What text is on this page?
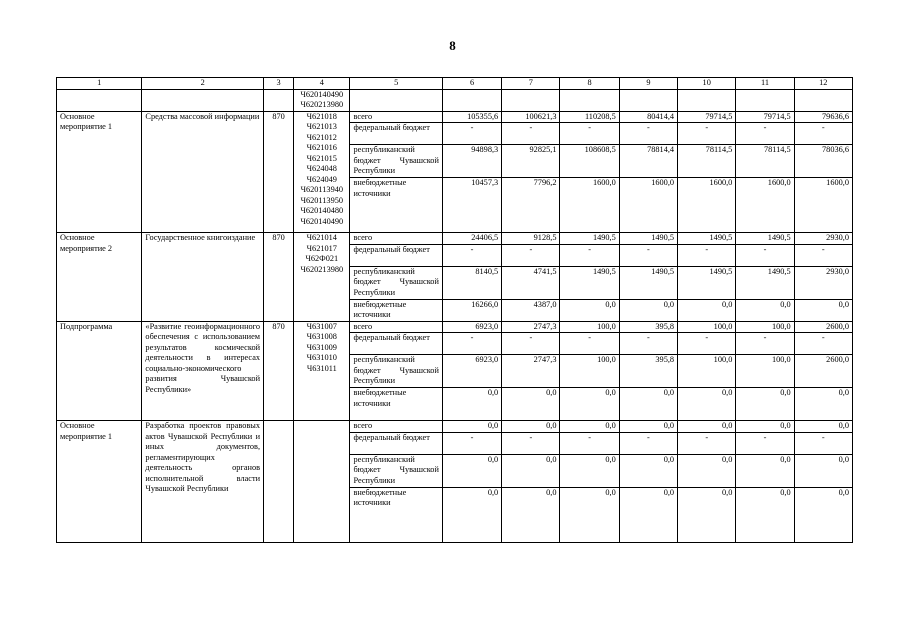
8
1	2	3	4	5	6	7	8	9	10	11	12
			Ч620140490 Ч620213980								
Основное мероприятие 1	Средства массовой информации	870	Ч621018 Ч621013 Ч621012 Ч621016 Ч621015 Ч624048 Ч624049 Ч620113940 Ч620113950 Ч620140480 Ч620140490	всего	105355,6	100621,3	110208,5	80414,4	79714,5	79714,5	79636,6
				федеральный бюджет	-	-	-	-	-	-	-
				республиканский бюджет Чувашской Республики	94898,3	92825,1	108608,5	78814,4	78114,5	78114,5	78036,6
				внебюджетные источники	10457,3	7796,2	1600,0	1600,0	1600,0	1600,0	1600,0
Основное мероприятие 2	Государственное книгоиздание	870	Ч621014 Ч621017 Ч62Ф021 Ч620213980	всего	24406,5	9128,5	1490,5	1490,5	1490,5	1490,5	2930,0
				федеральный бюджет	-	-	-	-	-	-	-
				республиканский бюджет Чувашской Республики	8140,5	4741,5	1490,5	1490,5	1490,5	1490,5	2930,0
				внебюджетные источники	16266,0	4387,0	0,0	0,0	0,0	0,0	0,0
Подпрограмма	«Развитие геоинформационного обеспечения с использованием результатов космической деятельности в интересах социально-экономического развития Чувашской Республики»	870	Ч631007 Ч631008 Ч631009 Ч631010 Ч631011	всего	6923,0	2747,3	100,0	395,8	100,0	100,0	2600,0
				федеральный бюджет	-	-	-	-	-	-	-
				республиканский бюджет Чувашской Республики	6923,0	2747,3	100,0	395,8	100,0	100,0	2600,0
				внебюджетные источники	0,0	0,0	0,0	0,0	0,0	0,0	0,0
Основное мероприятие 1	Разработка проектов правовых актов Чувашской Республики и иных документов, регламентирующих деятельность органов исполнительной власти Чувашской Республики			всего	0,0	0,0	0,0	0,0	0,0	0,0	0,0
				федеральный бюджет	-	-	-	-	-	-	-
				республиканский бюджет Чувашской Республики	0,0	0,0	0,0	0,0	0,0	0,0	0,0
				внебюджетные источники	0,0	0,0	0,0	0,0	0,0	0,0	0,0
